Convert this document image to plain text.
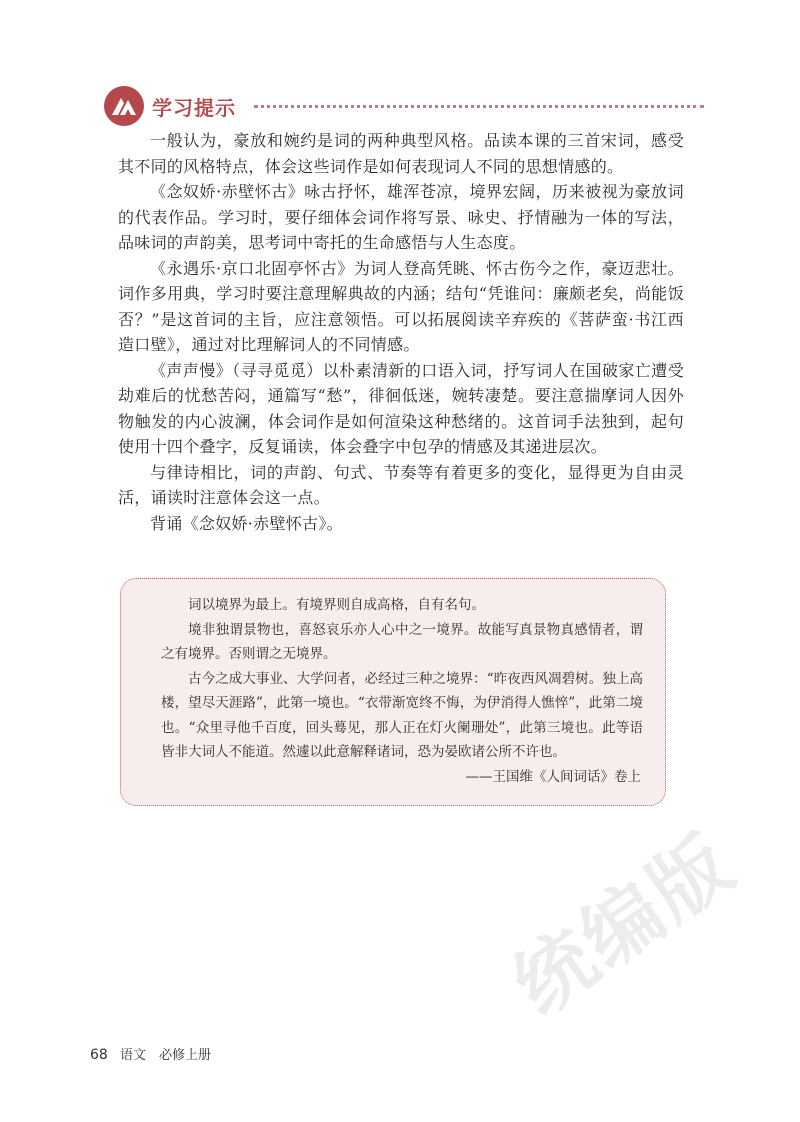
学习提示

一般认为，豪放和婉约是词的两种典型风格。品读本课的三首宋词，感受其不同的风格特点，体会这些词作是如何表现词人不同的思想情感的。

《念奴娇·赤壁怀古》咏古抒怀，雄浑苍凉，境界宏阔，历来被视为豪放词的代表作品。学习时，要仔细体会词作将写景、咏史、抒情融为一体的写法，品味词的声韵美，思考词中寄托的生命感悟与人生态度。

《永遇乐·京口北固亭怀古》为词人登高凭眺、怀古伤今之作，豪迈悲壮。词作多用典，学习时要注意理解典故的内涵；结句“凭谁问：廉颇老矣，尚能饭否？”是这首词的主旨，应注意领悟。可以拓展阅读辛弃疾的《菩萨蛮·书江西造口壁》，通过对比理解词人的不同情感。

《声声慢》（寻寻觅觅）以朴素清新的口语入词，抒写词人在国破家亡遭受劫难后的忧愁苦闷，通篇写“愁”，徘徊低迷，婉转凄楚。要注意揣摩词人因外物触发的内心波澜，体会词作是如何渲染这种愁绪的。这首词手法独到，起句使用十四个叠字，反复诵读，体会叠字中包孕的情感及其递进层次。

与律诗相比，词的声韵、句式、节奏等有着更多的变化，显得更为自由灵活，诵读时注意体会这一点。

背诵《念奴娇·赤壁怀古》。

词以境界为最上。有境界则自成高格，自有名句。

境非独谓景物也，喜怒哀乐亦人心中之一境界。故能写真景物真感情者，谓之有境界。否则谓之无境界。

古今之成大事业、大学问者，必经过三种之境界：“昨夜西风凋碧树。独上高楼，望尽天涯路”，此第一境也。“衣带渐宽终不悔，为伊消得人憔悴”，此第二境也。“众里寻他千百度，回头蓦见，那人正在灯火阑珊处”，此第三境也。此等语皆非大词人不能道。然遽以此意解释诸词，恐为晏欧诸公所不许也。

——王国维《人间词话》卷上

统编版
68 语文　必修上册
